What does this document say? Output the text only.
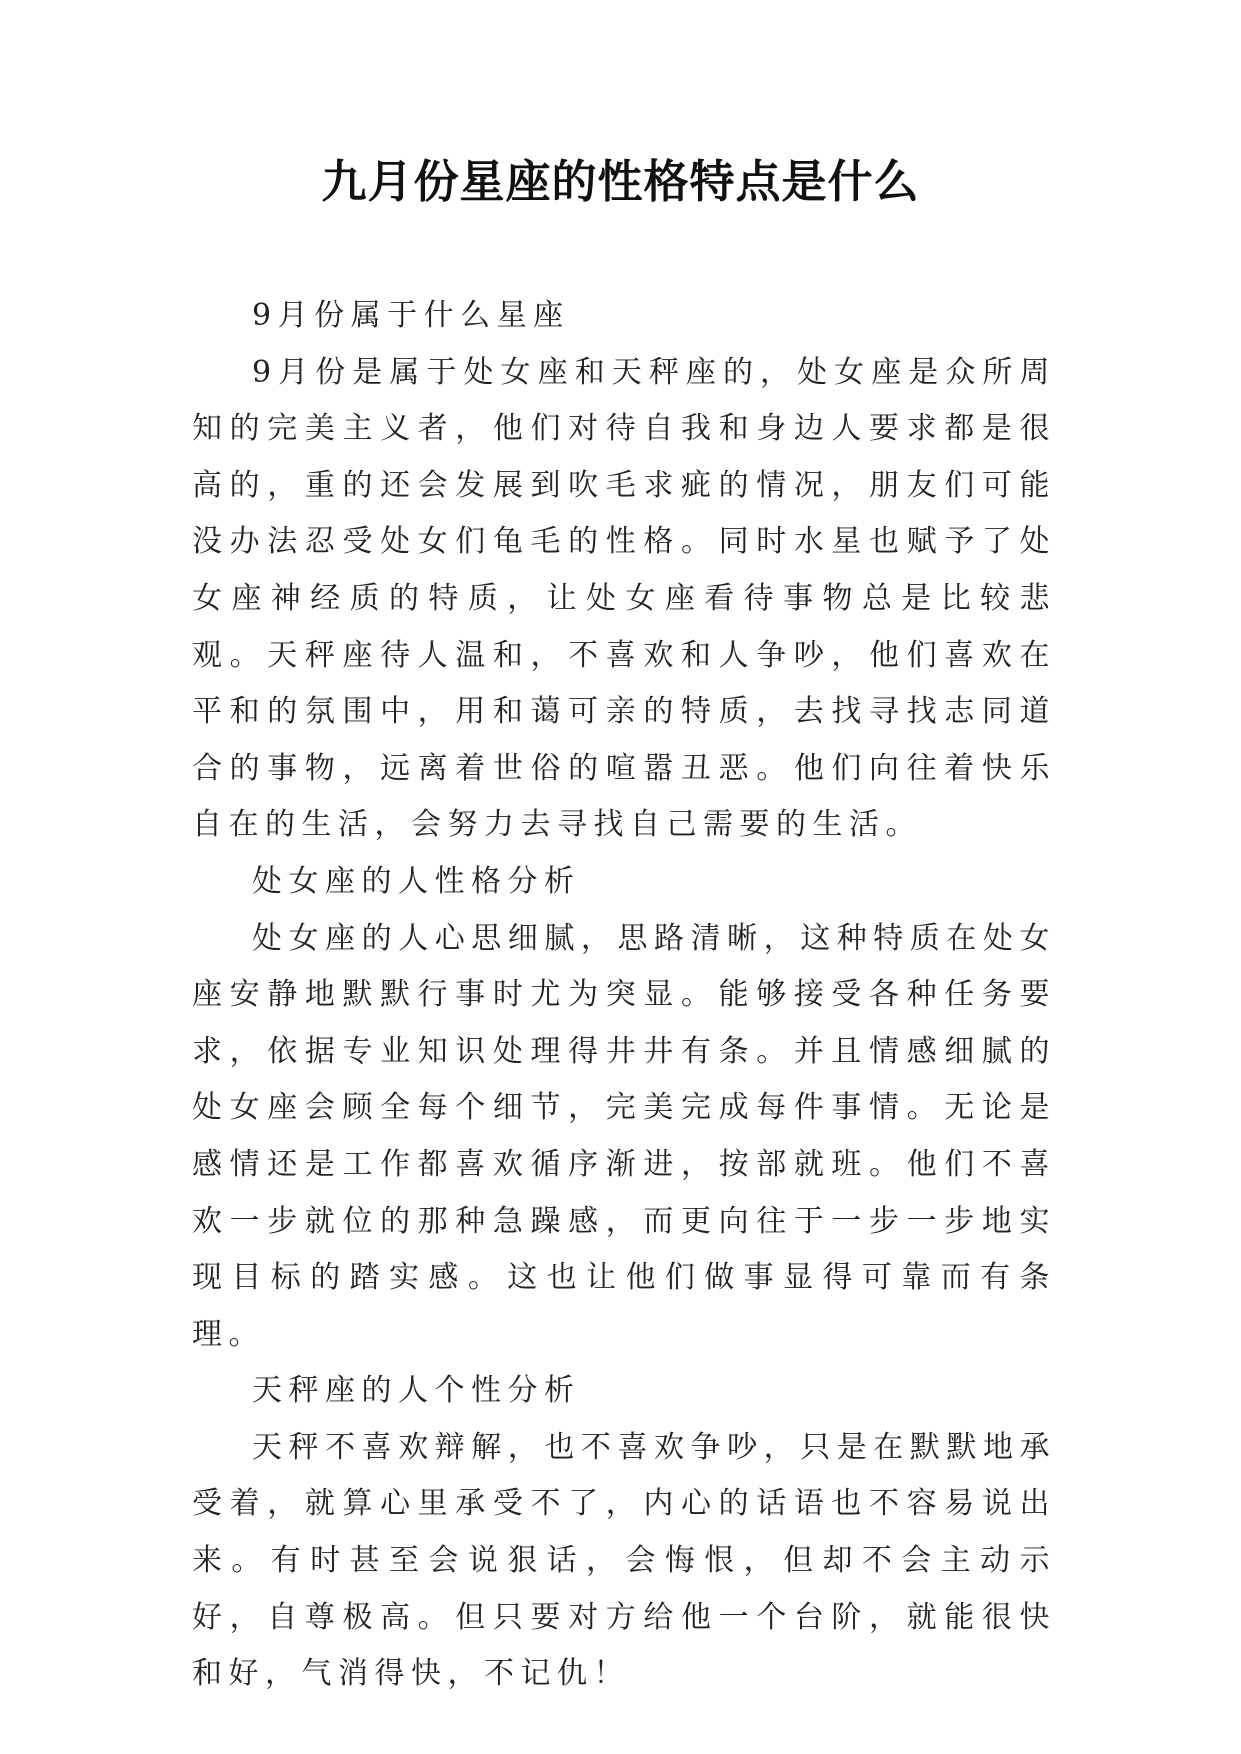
九月份星座的性格特点是什么

9月份属于什么星座

9月份是属于处女座和天秤座的，处女座是众所周知的完美主义者，他们对待自我和身边人要求都是很高的，重的还会发展到吹毛求疵的情况，朋友们可能没办法忍受处女们龟毛的性格。同时水星也赋予了处女座神经质的特质，让处女座看待事物总是比较悲观。天秤座待人温和，不喜欢和人争吵，他们喜欢在平和的氛围中，用和蔼可亲的特质，去找寻找志同道合的事物，远离着世俗的喧嚣丑恶。他们向往着快乐自在的生活，会努力去寻找自己需要的生活。

处女座的人性格分析

处女座的人心思细腻，思路清晰，这种特质在处女座安静地默默行事时尤为突显。能够接受各种任务要求，依据专业知识处理得井井有条。并且情感细腻的处女座会顾全每个细节，完美完成每件事情。无论是感情还是工作都喜欢循序渐进，按部就班。他们不喜欢一步就位的那种急躁感，而更向往于一步一步地实现目标的踏实感。这也让他们做事显得可靠而有条理。

天秤座的人个性分析

天秤不喜欢辩解，也不喜欢争吵，只是在默默地承受着，就算心里承受不了，内心的话语也不容易说出来。有时甚至会说狠话，会悔恨，但却不会主动示好，自尊极高。但只要对方给他一个台阶，就能很快和好，气消得快，不记仇！
